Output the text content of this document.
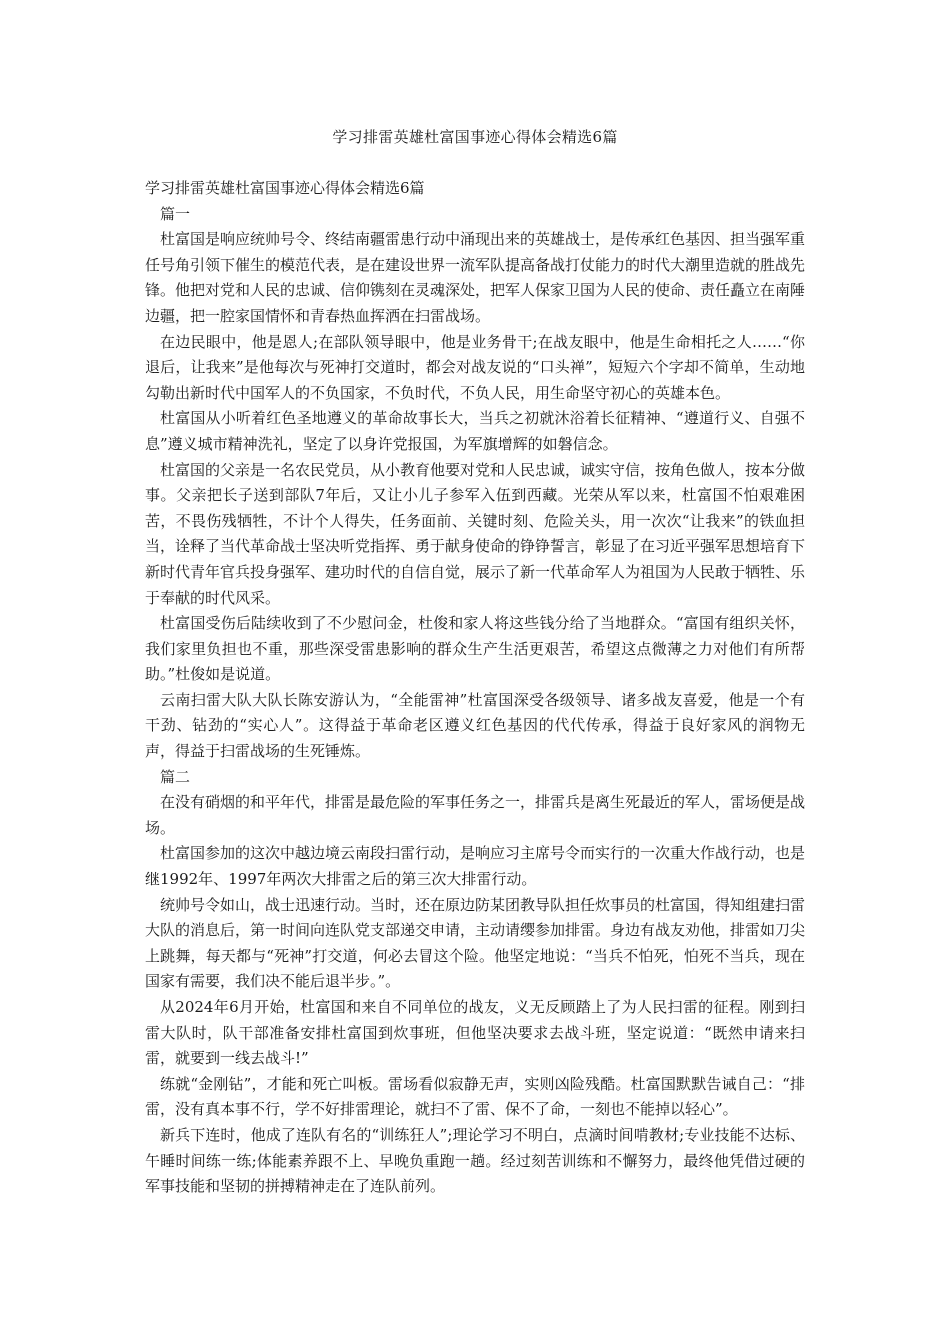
学习排雷英雄杜富国事迹心得体会精选6篇

学习排雷英雄杜富国事迹心得体会精选6篇

篇一

杜富国是响应统帅号令、终结南疆雷患行动中涌现出来的英雄战士，是传承红色基因、担当强军重任号角引领下催生的模范代表，是在建设世界一流军队提高备战打仗能力的时代大潮里造就的胜战先锋。他把对党和人民的忠诚、信仰镌刻在灵魂深处，把军人保家卫国为人民的使命、责任矗立在南陲边疆，把一腔家国情怀和青春热血挥洒在扫雷战场。

在边民眼中，他是恩人;在部队领导眼中，他是业务骨干;在战友眼中，他是生命相托之人……“你退后，让我来”是他每次与死神打交道时，都会对战友说的“口头禅”，短短六个字却不简单，生动地勾勒出新时代中国军人的不负国家，不负时代，不负人民，用生命坚守初心的英雄本色。

杜富国从小听着红色圣地遵义的革命故事长大，当兵之初就沐浴着长征精神、“遵道行义、自强不息”遵义城市精神洗礼，坚定了以身许党报国，为军旗增辉的如磐信念。

杜富国的父亲是一名农民党员，从小教育他要对党和人民忠诚，诚实守信，按角色做人，按本分做事。父亲把长子送到部队7年后，又让小儿子参军入伍到西藏。光荣从军以来，杜富国不怕艰难困苦，不畏伤残牺牲，不计个人得失，任务面前、关键时刻、危险关头，用一次次“让我来”的铁血担当，诠释了当代革命战士坚决听党指挥、勇于献身使命的铮铮誓言，彰显了在习近平强军思想培育下新时代青年官兵投身强军、建功时代的自信自觉，展示了新一代革命军人为祖国为人民敢于牺牲、乐于奉献的时代风采。

杜富国受伤后陆续收到了不少慰问金，杜俊和家人将这些钱分给了当地群众。“富国有组织关怀，我们家里负担也不重，那些深受雷患影响的群众生产生活更艰苦，希望这点微薄之力对他们有所帮助。”杜俊如是说道。

云南扫雷大队大队长陈安游认为，“全能雷神”杜富国深受各级领导、诸多战友喜爱，他是一个有干劲、钻劲的“实心人”。这得益于革命老区遵义红色基因的代代传承，得益于良好家风的润物无声，得益于扫雷战场的生死锤炼。

篇二

在没有硝烟的和平年代，排雷是最危险的军事任务之一，排雷兵是离生死最近的军人，雷场便是战场。

杜富国参加的这次中越边境云南段扫雷行动，是响应习主席号令而实行的一次重大作战行动，也是继1992年、1997年两次大排雷之后的第三次大排雷行动。

统帅号令如山，战士迅速行动。当时，还在原边防某团教导队担任炊事员的杜富国，得知组建扫雷大队的消息后，第一时间向连队党支部递交申请，主动请缨参加排雷。身边有战友劝他，排雷如刀尖上跳舞，每天都与“死神”打交道，何必去冒这个险。他坚定地说：“当兵不怕死，怕死不当兵，现在国家有需要，我们决不能后退半步。”。

从2024年6月开始，杜富国和来自不同单位的战友，义无反顾踏上了为人民扫雷的征程。刚到扫雷大队时，队干部准备安排杜富国到炊事班，但他坚决要求去战斗班，坚定说道：“既然申请来扫雷，就要到一线去战斗!”

练就“金刚钻”，才能和死亡叫板。雷场看似寂静无声，实则凶险残酷。杜富国默默告诫自己：“排雷，没有真本事不行，学不好排雷理论，就扫不了雷、保不了命，一刻也不能掉以轻心”。

新兵下连时，他成了连队有名的“训练狂人”;理论学习不明白，点滴时间啃教材;专业技能不达标、午睡时间练一练;体能素养跟不上、早晚负重跑一趟。经过刻苦训练和不懈努力，最终他凭借过硬的军事技能和坚韧的拼搏精神走在了连队前列。
